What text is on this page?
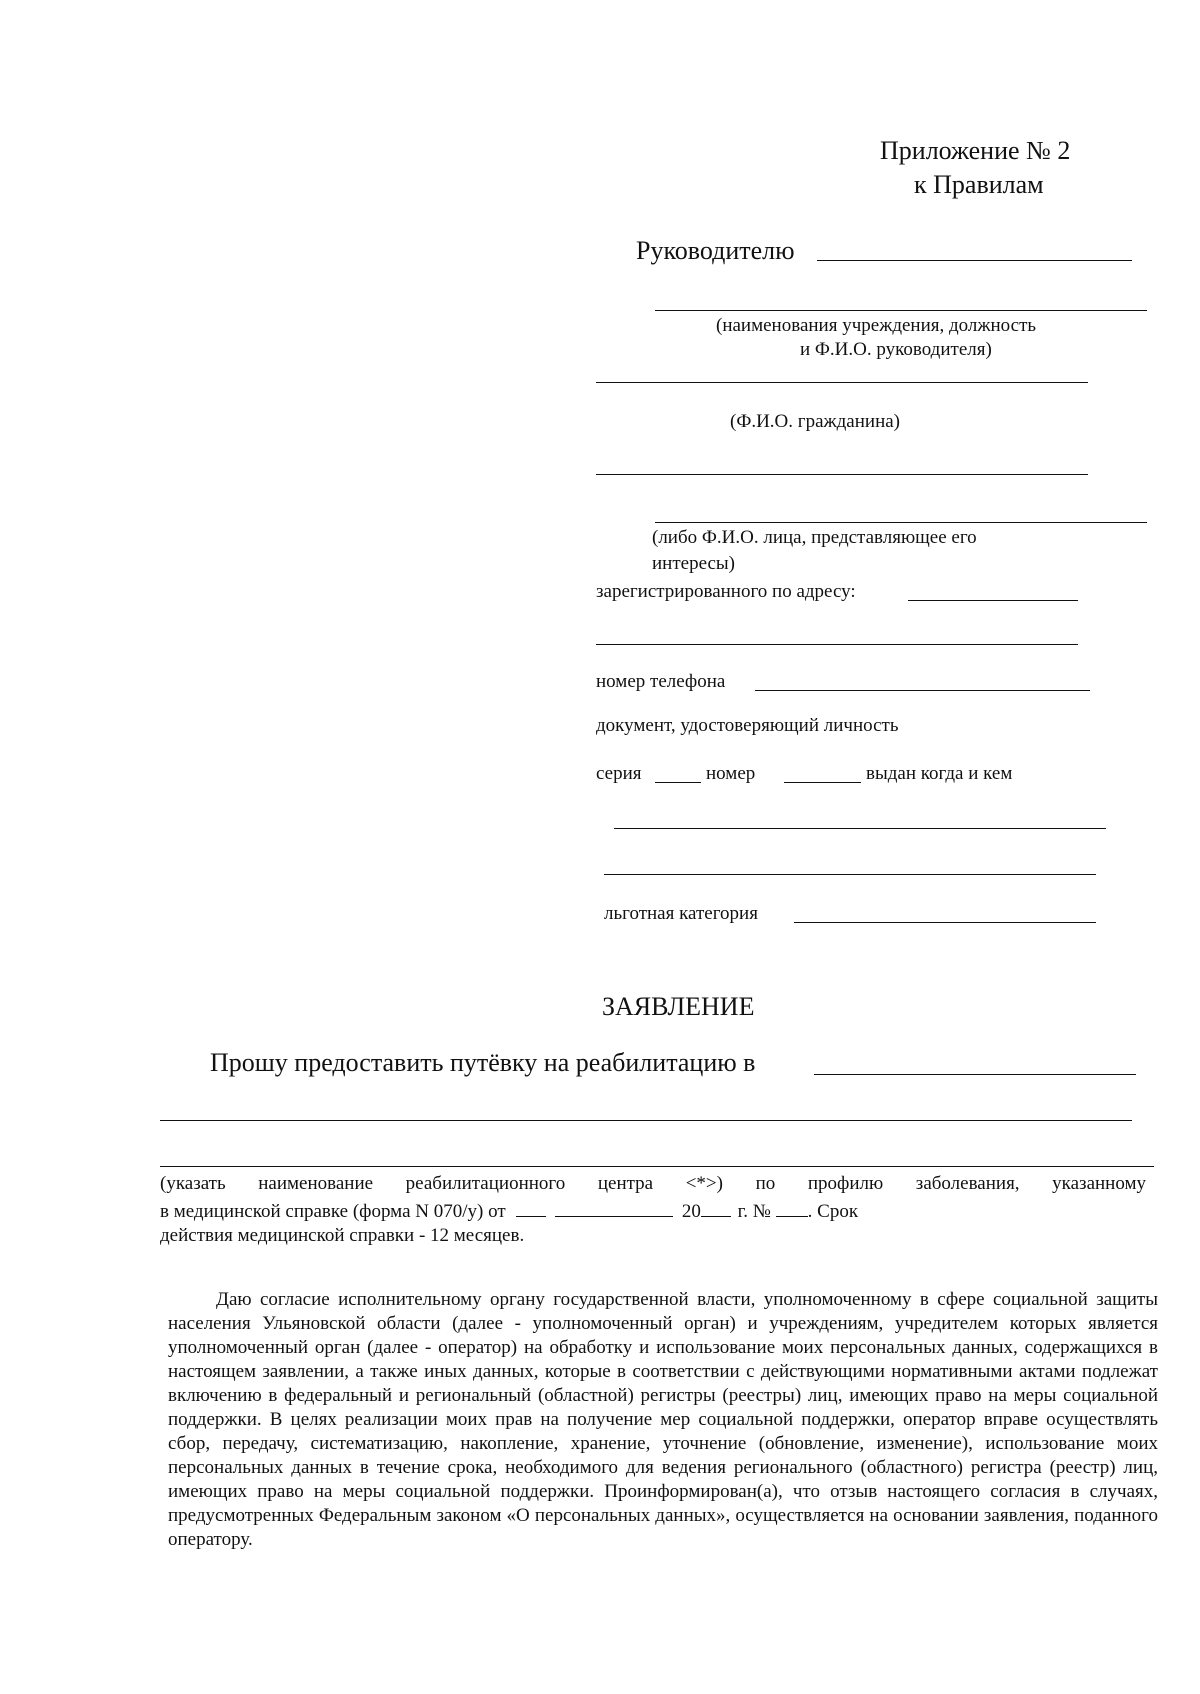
Приложение № 2
к Правилам
Руководителю
(наименования учреждения, должность
и Ф.И.О. руководителя)
(Ф.И.О. гражданина)
(либо Ф.И.О. лица, представляющее его
интересы)
зарегистрированного по адресу:
номер телефона
документ, удостоверяющий личность
серия	номер	выдан когда и кем
льготная категория
ЗАЯВЛЕНИЕ
Прошу предоставить путёвку на реабилитацию в
(указать наименование реабилитационного центра <*>) по профилю заболевания, указанному
в медицинской справке (форма N 070/у) от	20 г. № . Срок
действия медицинской справки - 12 месяцев.
Даю согласие исполнительному органу государственной власти, уполномоченному в сфере социальной защиты населения Ульяновской области (далее - уполномоченный орган) и учреждениям, учредителем которых является уполномоченный орган (далее - оператор) на обработку и использование моих персональных данных, содержащихся в настоящем заявлении, а также иных данных, которые в соответствии с действующими нормативными актами подлежат включению в федеральный и региональный (областной) регистры (реестры) лиц, имеющих право на меры социальной поддержки. В целях реализации моих прав на получение мер социальной поддержки, оператор вправе осуществлять сбор, передачу, систематизацию, накопление, хранение, уточнение (обновление, изменение), использование моих персональных данных в течение срока, необходимого для ведения регионального (областного) регистра (реестр) лиц, имеющих право на меры социальной поддержки. Проинформирован(а), что отзыв настоящего согласия в случаях, предусмотренных Федеральным законом «О персональных данных», осуществляется на основании заявления, поданного оператору.
